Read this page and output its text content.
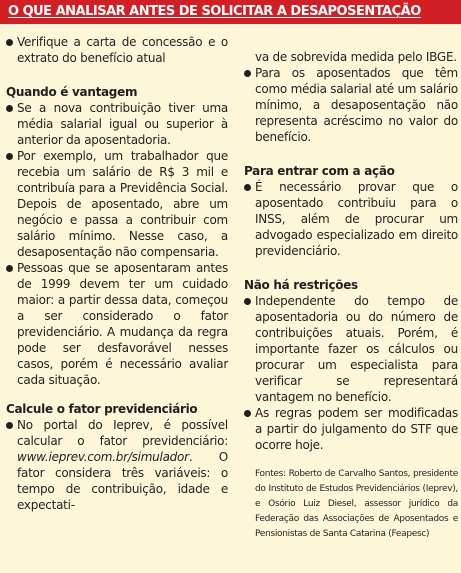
O QUE ANALISAR ANTES DE SOLICITAR A DESAPOSENTAÇÃO

Verifique a carta de concessão e o extrato do benefício atual

Quando é vantagem

Se a nova contribuição tiver uma média salarial igual ou superior à anterior da aposentadoria.

Por exemplo, um trabalhador que recebia um salário de R$ 3 mil e contribuía para a Previdência Social. Depois de aposentado, abre um negócio e passa a contribuir com salário mínimo. Nesse caso, a desaposentação não compensaria.

Pessoas que se aposentaram antes de 1999 devem ter um cuidado maior: a partir dessa data, começou a ser considerado o fator previdenciário. A mudança da regra pode ser desfavorável nesses casos, porém é necessário avaliar cada situação.

Calcule o fator previdenciário

No portal do Ieprev, é possível calcular o fator previdenciário: www.ieprev.com.br/simulador. O fator considera três variáveis: o tempo de contribuição, idade e expectati-

va de sobrevida medida pelo IBGE.

Para os aposentados que têm como média salarial até um salário mínimo, a desaposentação não representa acréscimo no valor do benefício.

Para entrar com a ação

É necessário provar que o aposentado contribuiu para o INSS, além de procurar um advogado especializado em direito previdenciário.

Não há restrições

Independente do tempo de aposentadoria ou do número de contribuições atuais. Porém, é importante fazer os cálculos ou procurar um especialista para verificar se representará vantagem no benefício.

As regras podem ser modificadas a partir do julgamento do STF que ocorre hoje.

Fontes: Roberto de Carvalho Santos, presidente do Instituto de Estudos Previdenciários (Ieprev), e Osório Luiz Diesel, assessor jurídico da Federação das Associações de Aposentados e Pensionistas de Santa Catarina (Feapesc)
